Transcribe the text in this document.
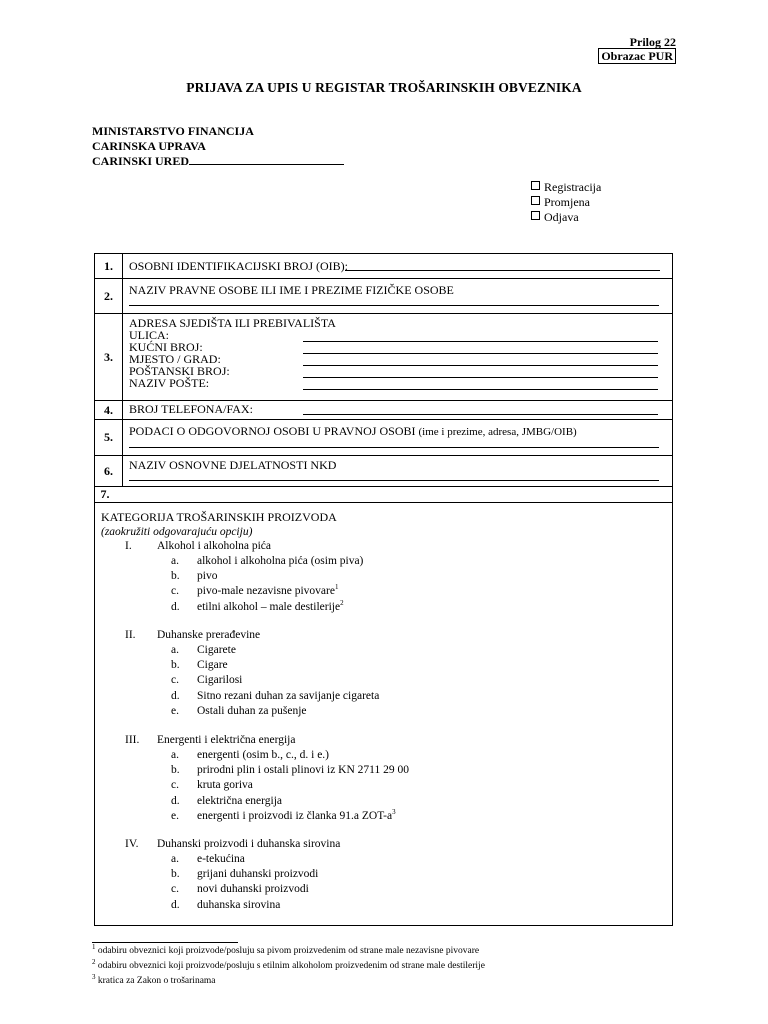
Prilog 22
Obrazac PUR
PRIJAVA ZA UPIS U REGISTAR TROŠARINSKIH OBVEZNIKA
MINISTARSTVO FINANCIJA
CARINSKA UPRAVA
CARINSKI URED
Registracija
Promjena
Odjava
1.	OSOBNI IDENTIFIKACIJSKI BROJ (OIB):
2.	NAZIV PRAVNE OSOBE ILI IME I PREZIME FIZIČKE OSOBE
3.
ADRESA SJEDIŠTA ILI PREBIVALIŠTA
ULICA:
KUĆNI BROJ:
MJESTO / GRAD:
POŠTANSKI BROJ:
NAZIV POŠTE:
4.	BROJ TELEFONA/FAX:
5.	PODACI O ODGOVORNOJ OSOBI U PRAVNOJ OSOBI (ime i prezime, adresa, JMBG/OIB)
6.	NAZIV OSNOVNE DJELATNOSTI NKD
7.
KATEGORIJA TROŠARINSKIH PROIZVODA
(zaokružiti odgovarajuću opciju)
I. Alkohol i alkoholna pića
a. alkohol i alkoholna pića (osim piva)
b. pivo
c. pivo-male nezavisne pivovare$^1$
d. etilni alkohol – male destilerije$^2$
II. Duhanske prerađevine
a. Cigarete
b. Cigare
c. Cigarilosi
d. Sitno rezani duhan za savijanje cigareta
e. Ostali duhan za pušenje
III. Energenti i električna energija
a. energenti (osim b., c., d. i e.)
b. prirodni plin i ostali plinovi iz KN 2711 29 00
c. kruta goriva
d. električna energija
e. energenti i proizvodi iz članka 91.a ZOT-$a^3$
IV. Duhanski proizvodi i duhanska sirovina
a. e-tekućina
b. grijani duhanski proizvodi
c. novi duhanski proizvodi
d. duhanska sirovina
$^1$ odabiru obveznici koji proizvode/posluju sa pivom proizvedenim od strane male nezavisne pivovare
$^2$ odabiru obveznici koji proizvode/posluju s etilnim alkoholom proizvedenim od strane male destilerije
$^3$ kratica za Zakon o trošarinama
